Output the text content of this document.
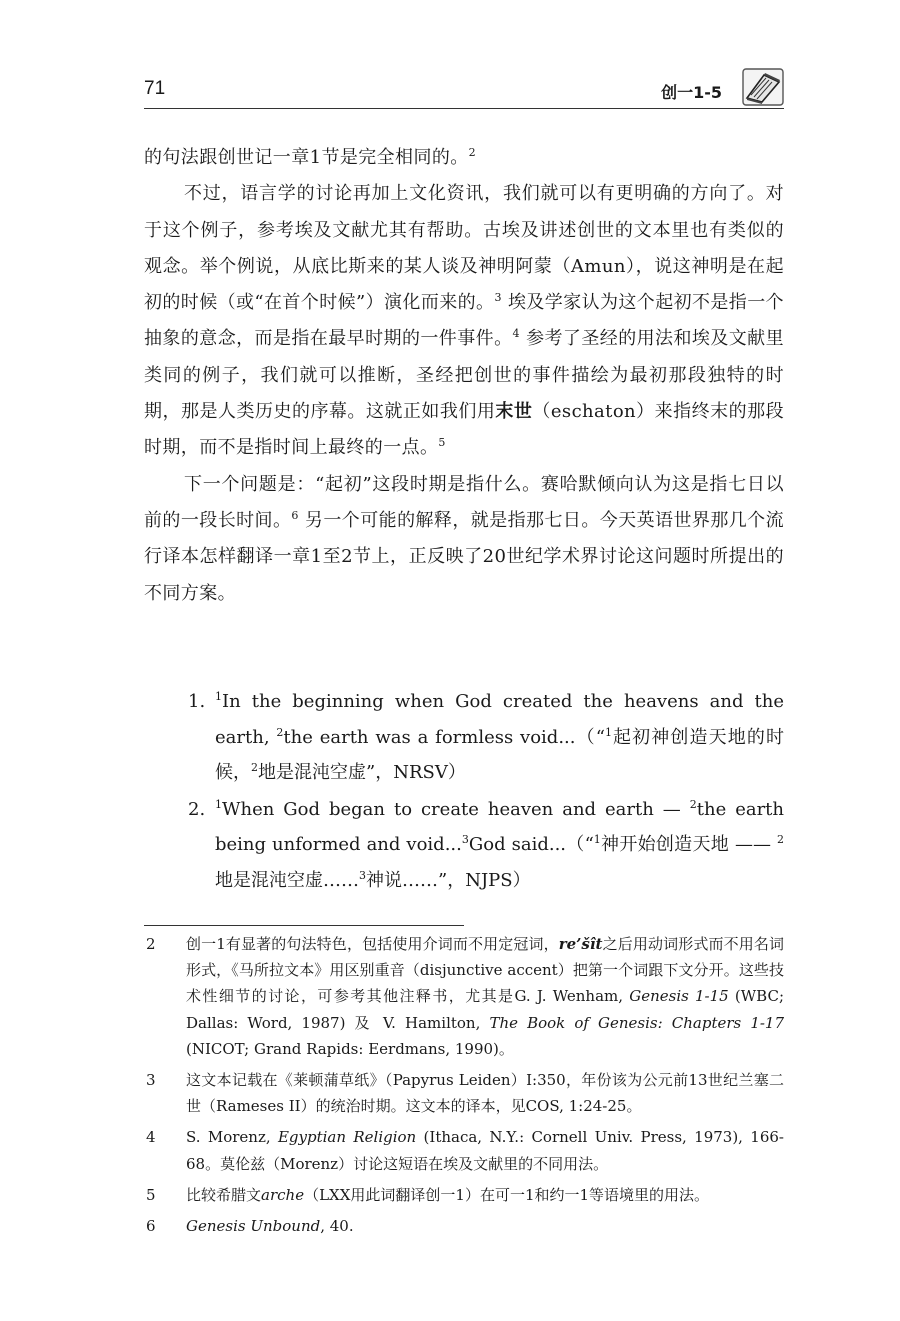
71	创一1-5

的句法跟创世记一章1节是完全相同的。$^2$

不过，语言学的讨论再加上文化资讯，我们就可以有更明确的方向了。对于这个例子，参考埃及文献尤其有帮助。古埃及讲述创世的文本里也有类似的观念。举个例说，从底比斯来的某人谈及神明阿蒙（Amun），说这神明是在起初的时候（或“在首个时候”）演化而来的。$^3$ 埃及学家认为这个起初不是指一个抽象的意念，而是指在最早时期的一件事件。$^4$ 参考了圣经的用法和埃及文献里类同的例子，我们就可以推断，圣经把创世的事件描绘为最初那段独特的时期，那是人类历史的序幕。这就正如我们用末世（eschaton）来指终末的那段时期，而不是指时间上最终的一点。$^5$

下一个问题是：“起初”这段时期是指什么。赛哈默倾向认为这是指七日以前的一段长时间。$^6$ 另一个可能的解释，就是指那七日。今天英语世界那几个流行译本怎样翻译一章1至2节上，正反映了20世纪学术界讨论这问题时所提出的不同方案。

1. $^1$In the beginning when God created the heavens and the earth, $^2$the earth was a formless void...（“$^1$起初神创造天地的时候，$^2$地是混沌空虚”，NRSV）

2. $^1$When God began to create heaven and earth — $^2$the earth being unformed and void...$^3$God said...（“$^1$神开始创造天地 —— $^2$地是混沌空虚……$^3$神说……”，NJPS）

2 创一1有显著的句法特色，包括使用介词而不用定冠词，re’šît之后用动词形式而不用名词形式，《马所拉文本》用区别重音（disjunctive accent）把第一个词跟下文分开。这些技术性细节的讨论，可参考其他注释书，尤其是G. J. Wenham, Genesis 1-15 (WBC; Dallas: Word, 1987) 及 V. Hamilton, The Book of Genesis: Chapters 1-17 (NICOT; Grand Rapids: Eerdmans, 1990)。

3 这文本记载在《莱顿蒲草纸》（Papyrus Leiden）I:350，年份该为公元前13世纪兰塞二世（Rameses II）的统治时期。这文本的译本，见COS, 1:24-25。

4 S. Morenz, Egyptian Religion (Ithaca, N.Y.: Cornell Univ. Press, 1973), 166-68。莫伦兹（Morenz）讨论这短语在埃及文献里的不同用法。

5 比较希腊文arche（LXX用此词翻译创一1）在可一1和约一1等语境里的用法。

6 Genesis Unbound, 40.
